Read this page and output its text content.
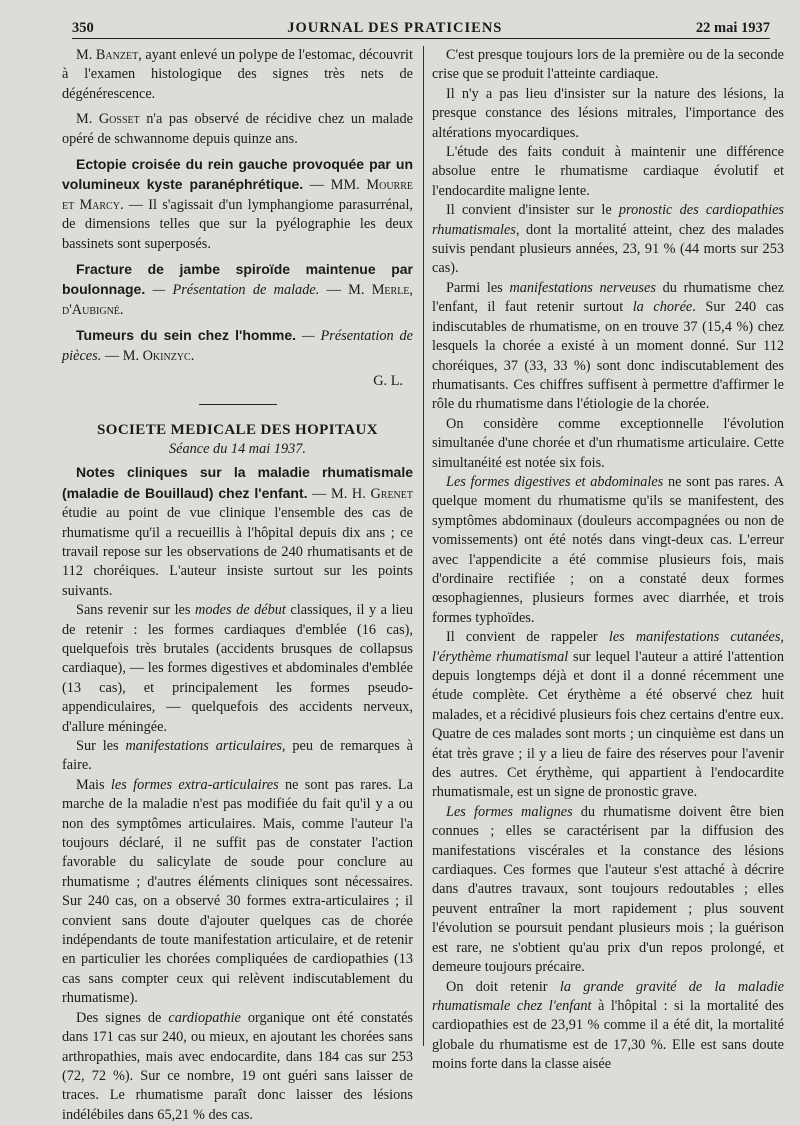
350	JOURNAL DES PRATICIENS	22 mai 1937

M. Banzet, ayant enlevé un polype de l'estomac, découvrit à l'examen histologique des signes très nets de dégénérescence.

M. Gosset n'a pas observé de récidive chez un malade opéré de schwannome depuis quinze ans.

Ectopie croisée du rein gauche provoquée par un volumineux kyste paranéphrétique. — MM. Mourre et Marcy. — Il s'agissait d'un lymphangiome parasurrénal, de dimensions telles que sur la pyélographie les deux bassinets sont superposés.

Fracture de jambe spiroïde maintenue par boulonnage. — Présentation de malade. — M. Merle, d'Aubigné.

Tumeurs du sein chez l'homme. — Présentation de pièces. — M. Okinzyc.

G. L.
SOCIETE MEDICALE DES HOPITAUX
Séance du 14 mai 1937.

Notes cliniques sur la maladie rhumatismale (maladie de Bouillaud) chez l'enfant. — M. H. Grenet étudie au point de vue clinique l'ensemble des cas de rhumatisme qu'il a recueillis à l'hôpital depuis dix ans ; ce travail repose sur les observations de 240 rhumatisants et de 112 choréiques. L'auteur insiste surtout sur les points suivants.

Sans revenir sur les modes de début classiques, il y a lieu de retenir : les formes cardiaques d'emblée (16 cas), quelquefois très brutales (accidents brusques de collapsus cardiaque), — les formes digestives et abdominales d'emblée (13 cas), et principalement les formes pseudo-appendiculaires, — quelquefois des accidents nerveux, d'allure méningée.

Sur les manifestations articulaires, peu de remarques à faire.

Mais les formes extra-articulaires ne sont pas rares. La marche de la maladie n'est pas modifiée du fait qu'il y a ou non des symptômes articulaires. Mais, comme l'auteur l'a toujours déclaré, il ne suffit pas de constater l'action favorable du salicylate de soude pour conclure au rhumatisme ; d'autres éléments cliniques sont nécessaires. Sur 240 cas, on a observé 30 formes extra-articulaires ; il convient sans doute d'ajouter quelques cas de chorée indépendants de toute manifestation articulaire, et de retenir en particulier les chorées compliquées de cardiopathies (13 cas sans compter ceux qui relèvent indiscutablement du rhumatisme).

Des signes de cardiopathie organique ont été constatés dans 171 cas sur 240, ou mieux, en ajoutant les chorées sans arthropathies, mais avec endocardite, dans 184 cas sur 253 (72, 72 %). Sur ce nombre, 19 ont guéri sans laisser de traces. Le rhumatisme paraît donc laisser des lésions indélébiles dans 65,21 % des cas.

C'est presque toujours lors de la première ou de la seconde crise que se produit l'atteinte cardiaque.

Il n'y a pas lieu d'insister sur la nature des lésions, la presque constance des lésions mitrales, l'importance des altérations myocardiques.

L'étude des faits conduit à maintenir une différence absolue entre le rhumatisme cardiaque évolutif et l'endocardite maligne lente.

Il convient d'insister sur le pronostic des cardiopathies rhumatismales, dont la mortalité atteint, chez des malades suivis pendant plusieurs années, 23, 91 % (44 morts sur 253 cas).

Parmi les manifestations nerveuses du rhumatisme chez l'enfant, il faut retenir surtout la chorée. Sur 240 cas indiscutables de rhumatisme, on en trouve 37 (15,4 %) chez lesquels la chorée a existé à un moment donné. Sur 112 choréiques, 37 (33, 33 %) sont donc indiscutablement des rhumatisants. Ces chiffres suffisent à permettre d'affirmer le rôle du rhumatisme dans l'étiologie de la chorée.

On considère comme exceptionnelle l'évolution simultanée d'une chorée et d'un rhumatisme articulaire. Cette simultanéité est notée six fois.

Les formes digestives et abdominales ne sont pas rares. A quelque moment du rhumatisme qu'ils se manifestent, des symptômes abdominaux (douleurs accompagnées ou non de vomissements) ont été notés dans vingt-deux cas. L'erreur avec l'appendicite a été commise plusieurs fois, mais d'ordinaire rectifiée ; on a constaté deux formes œsophagiennes, plusieurs formes avec diarrhée, et trois formes typhoïdes.

Il convient de rappeler les manifestations cutanées, l'érythème rhumatismal sur lequel l'auteur a attiré l'attention depuis longtemps déjà et dont il a donné récemment une étude complète. Cet érythème a été observé chez huit malades, et a récidivé plusieurs fois chez certains d'entre eux. Quatre de ces malades sont morts ; un cinquième est dans un état très grave ; il y a lieu de faire des réserves pour l'avenir des autres. Cet érythème, qui appartient à l'endocardite rhumatismale, est un signe de pronostic grave.

Les formes malignes du rhumatisme doivent être bien connues ; elles se caractérisent par la diffusion des manifestations viscérales et la constance des lésions cardiaques. Ces formes que l'auteur s'est attaché à décrire dans d'autres travaux, sont toujours redoutables ; elles peuvent entraîner la mort rapidement ; plus souvent l'évolution se poursuit pendant plusieurs mois ; la guérison est rare, ne s'obtient qu'au prix d'un repos prolongé, et demeure toujours précaire.

On doit retenir la grande gravité de la maladie rhumatismale chez l'enfant à l'hôpital : si la mortalité des cardiopathies est de 23,91 % comme il a été dit, la mortalité globale du rhumatisme est de 17,30 %. Elle est sans doute moins forte dans la classe aisée
